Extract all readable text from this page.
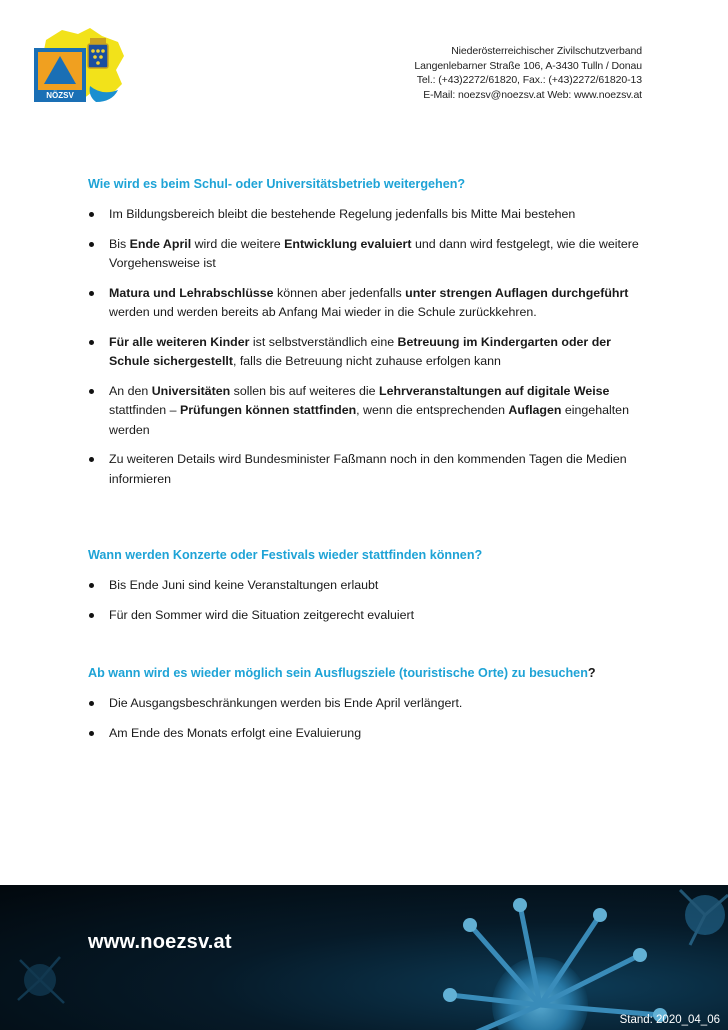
NÖZSV
Niederösterreichischer Zivilschutzverband
Langenlebarner Straße 106, A-3430 Tulln / Donau
Tel.: (+43)2272/61820, Fax.: (+43)2272/61820-13
E-Mail: noezsv@noezsv.at Web: www.noezsv.at
Wie wird es beim Schul- oder Universitätsbetrieb weitergehen?
Im Bildungsbereich bleibt die bestehende Regelung jedenfalls bis Mitte Mai bestehen
Bis Ende April wird die weitere Entwicklung evaluiert und dann wird festgelegt, wie die weitere Vorgehensweise ist
Matura und Lehrabschlüsse können aber jedenfalls unter strengen Auflagen durchgeführt werden und werden bereits ab Anfang Mai wieder in die Schule zurückkehren.
Für alle weiteren Kinder ist selbstverständlich eine Betreuung im Kindergarten oder der Schule sichergestellt, falls die Betreuung nicht zuhause erfolgen kann
An den Universitäten sollen bis auf weiteres die Lehrveranstaltungen auf digitale Weise stattfinden – Prüfungen können stattfinden, wenn die entsprechenden Auflagen eingehalten werden
Zu weiteren Details wird Bundesminister Faßmann noch in den kommenden Tagen die Medien informieren
Wann werden Konzerte oder Festivals wieder stattfinden können?
Bis Ende Juni sind keine Veranstaltungen erlaubt
Für den Sommer wird die Situation zeitgerecht evaluiert
Ab wann wird es wieder möglich sein Ausflugsziele (touristische Orte) zu besuchen?
Die Ausgangsbeschränkungen werden bis Ende April verlängert.
Am Ende des Monats erfolgt eine Evaluierung
www.noezsv.at
Stand: 2020_04_06
